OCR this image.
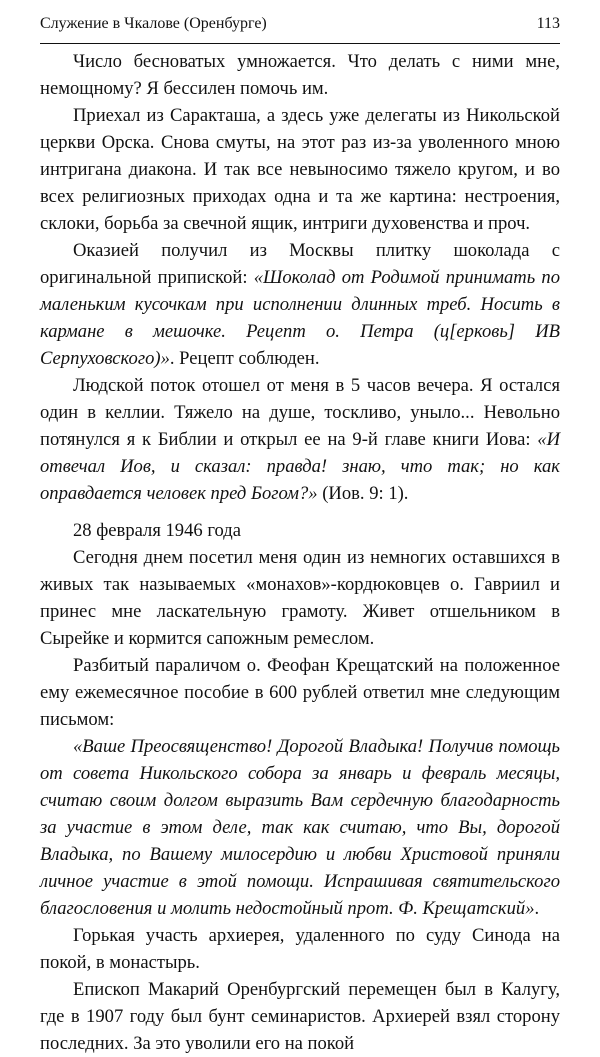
Служение в Чкалове (Оренбурге)	113

Число бесноватых умножается. Что делать с ними мне, немощному? Я бессилен помочь им.

Приехал из Саракташа, а здесь уже делегаты из Никольской церкви Орска. Снова смуты, на этот раз из-за уволенного мною интригана диакона. И так все невыносимо тяжело кругом, и во всех религиозных приходах одна и та же картина: нестроения, склоки, борьба за свечной ящик, интриги духовенства и проч.

Оказией получил из Москвы плитку шоколада с оригинальной припиской: «Шоколад от Родимой принимать по маленьким кусочкам при исполнении длинных треб. Носить в кармане в мешочке. Рецепт о. Петра (ц[ерковь] ИВ Серпуховского)». Рецепт соблюден.

Людской поток отошел от меня в 5 часов вечера. Я остался один в келлии. Тяжело на душе, тоскливо, уныло... Невольно потянулся я к Библии и открыл ее на 9-й главе книги Иова: «И отвечал Иов, и сказал: правда! знаю, что так; но как оправдается человек пред Богом?» (Иов. 9: 1).

28 февраля 1946 года

Сегодня днем посетил меня один из немногих оставшихся в живых так называемых «монахов»-кордюковцев о. Гавриил и принес мне ласкательную грамоту. Живет отшельником в Сырейке и кормится сапожным ремеслом.

Разбитый параличом о. Феофан Крещатский на положенное ему ежемесячное пособие в 600 рублей ответил мне следующим письмом:

«Ваше Преосвященство! Дорогой Владыка! Получив помощь от совета Никольского собора за январь и февраль месяцы, считаю своим долгом выразить Вам сердечную благодарность за участие в этом деле, так как считаю, что Вы, дорогой Владыка, по Вашему милосердию и любви Христовой приняли личное участие в этой помощи. Испрашивая святительского благословения и молить недостойный прот. Ф. Крещатский».

Горькая участь архиерея, удаленного по суду Синода на покой, в монастырь.

Епископ Макарий Оренбургский перемещен был в Калугу, где в 1907 году был бунт семинаристов. Архиерей взял сторону последних. За это уволили его на покой
